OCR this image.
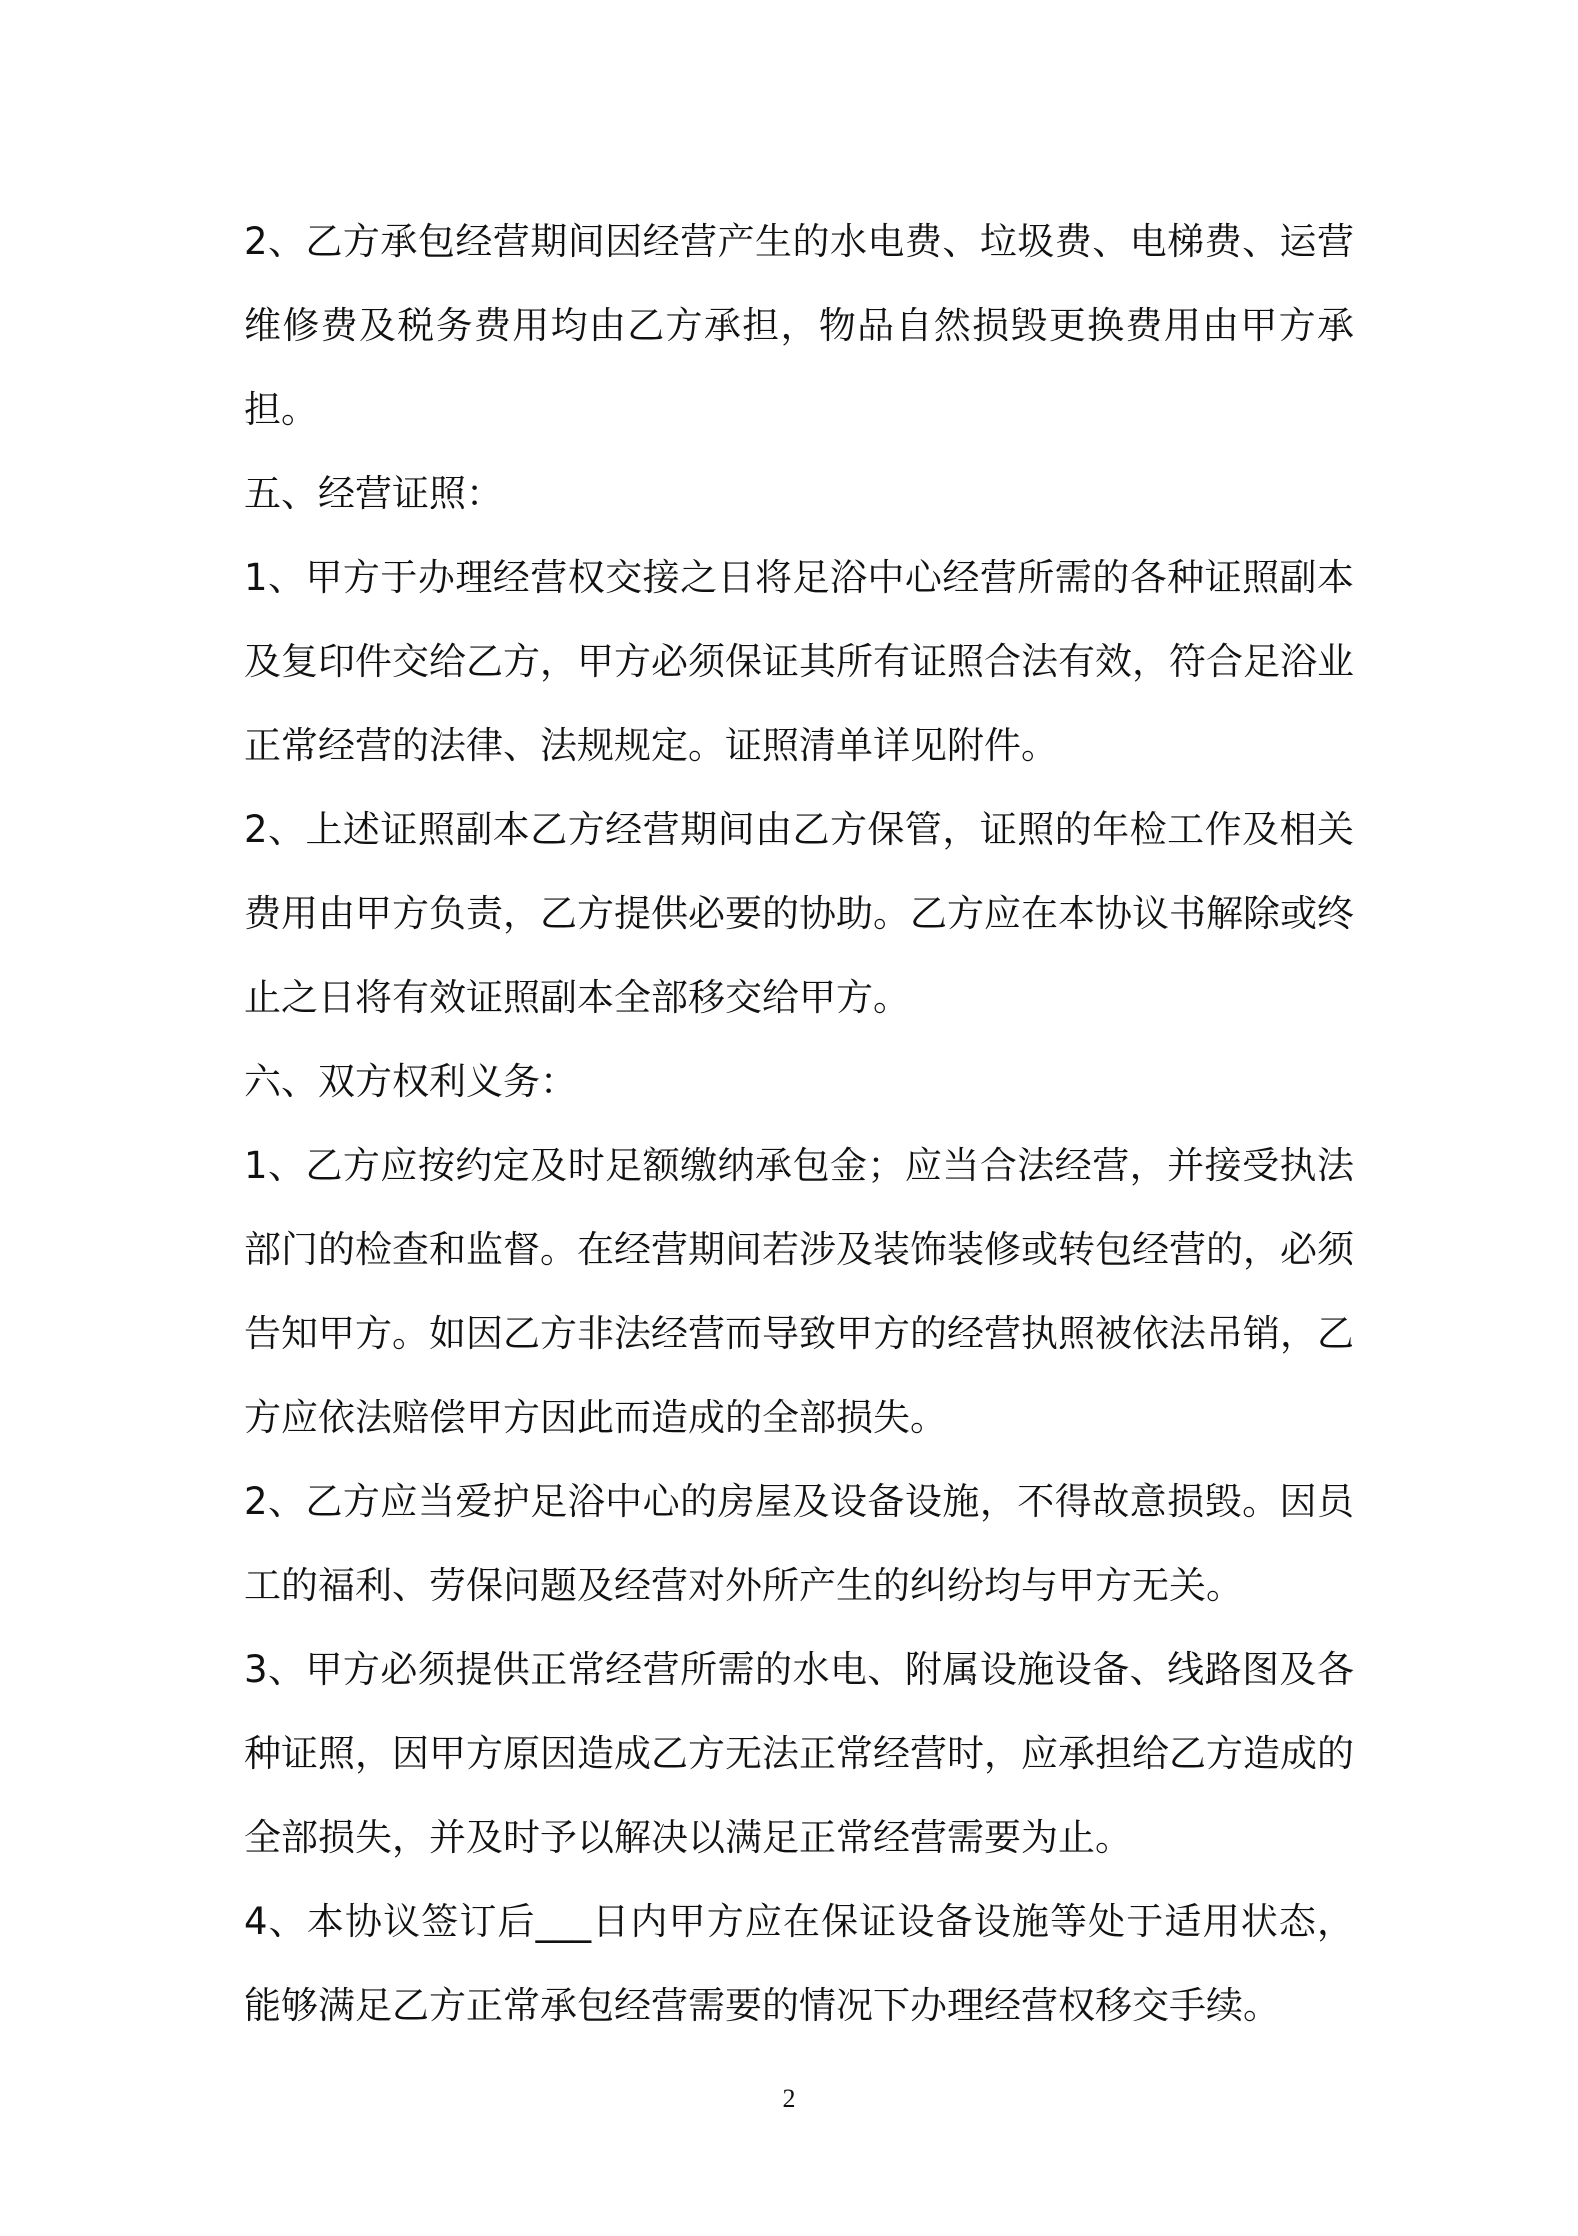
2、乙方承包经营期间因经营产生的水电费、垃圾费、电梯费、运营维修费及税务费用均由乙方承担，物品自然损毁更换费用由甲方承担。

五、经营证照：

1、甲方于办理经营权交接之日将足浴中心经营所需的各种证照副本及复印件交给乙方，甲方必须保证其所有证照合法有效，符合足浴业正常经营的法律、法规规定。证照清单详见附件。

2、上述证照副本乙方经营期间由乙方保管，证照的年检工作及相关费用由甲方负责，乙方提供必要的协助。乙方应在本协议书解除或终止之日将有效证照副本全部移交给甲方。

六、双方权利义务：

1、乙方应按约定及时足额缴纳承包金；应当合法经营，并接受执法部门的检查和监督。在经营期间若涉及装饰装修或转包经营的，必须告知甲方。如因乙方非法经营而导致甲方的经营执照被依法吊销，乙方应依法赔偿甲方因此而造成的全部损失。

2、乙方应当爱护足浴中心的房屋及设备设施，不得故意损毁。因员工的福利、劳保问题及经营对外所产生的纠纷均与甲方无关。

3、甲方必须提供正常经营所需的水电、附属设施设备、线路图及各种证照，因甲方原因造成乙方无法正常经营时，应承担给乙方造成的全部损失，并及时予以解决以满足正常经营需要为止。

4、本协议签订后___日内甲方应在保证设备设施等处于适用状态，能够满足乙方正常承包经营需要的情况下办理经营权移交手续。

2
